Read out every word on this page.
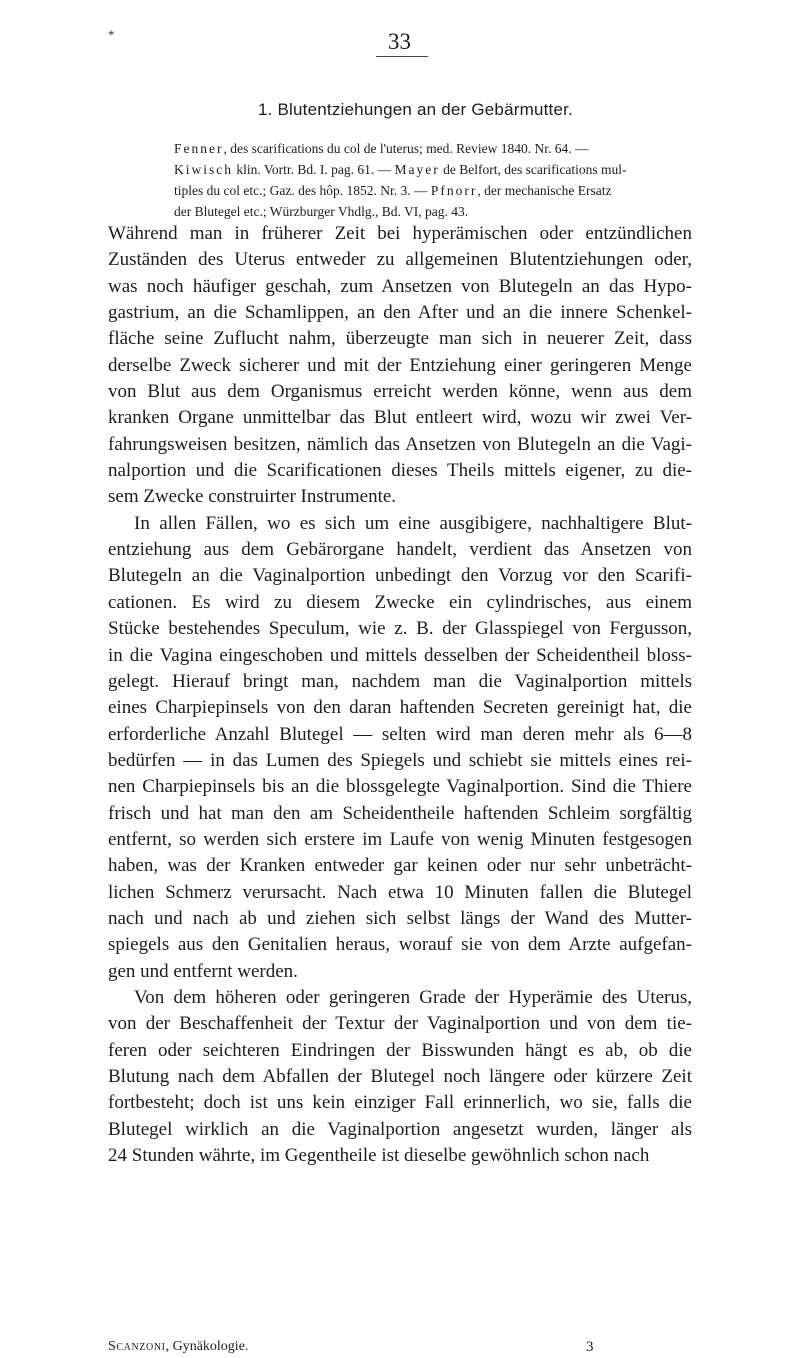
*	33
1. Blutentziehungen an der Gebärmutter.
Fenner, des scarifications du col de l'uterus; med. Review 1840. Nr. 64. —
Kiwisch klin. Vortr. Bd. I. pag. 61. — Mayer de Belfort, des scarifications mul-
tiples du col etc.; Gaz. des hôp. 1852. Nr. 3. — Pfnorr, der mechanische Ersatz
der Blutegel etc.; Würzburger Vhdlg., Bd. VI, pag. 43.
Während man in früherer Zeit bei hyperämischen oder entzündlichen
Zuständen des Uterus entweder zu allgemeinen Blutentziehungen oder,
was noch häufiger geschah, zum Ansetzen von Blutegeln an das Hypo-
gastrium, an die Schamlippen, an den After und an die innere Schenkel-
fläche seine Zuflucht nahm, überzeugte man sich in neuerer Zeit, dass
derselbe Zweck sicherer und mit der Entziehung einer geringeren Menge
von Blut aus dem Organismus erreicht werden könne, wenn aus dem
kranken Organe unmittelbar das Blut entleert wird, wozu wir zwei Ver-
fahrungsweisen besitzen, nämlich das Ansetzen von Blutegeln an die Vagi-
nalportion und die Scarificationen dieses Theils mittels eigener, zu die-
sem Zwecke construirter Instrumente.
In allen Fällen, wo es sich um eine ausgibigere, nachhaltigere Blut-
entziehung aus dem Gebärorgane handelt, verdient das Ansetzen von
Blutegeln an die Vaginalportion unbedingt den Vorzug vor den Scarifi-
cationen. Es wird zu diesem Zwecke ein cylindrisches, aus einem
Stücke bestehendes Speculum, wie z. B. der Glasspiegel von Fergusson,
in die Vagina eingeschoben und mittels desselben der Scheidentheil bloss-
gelegt. Hierauf bringt man, nachdem man die Vaginalportion mittels
eines Charpiepinsels von den daran haftenden Secreten gereinigt hat, die
erforderliche Anzahl Blutegel — selten wird man deren mehr als 6—8
bedürfen — in das Lumen des Spiegels und schiebt sie mittels eines rei-
nen Charpiepinsels bis an die blossgelegte Vaginalportion. Sind die Thiere
frisch und hat man den am Scheidentheile haftenden Schleim sorgfältig
entfernt, so werden sich erstere im Laufe von wenig Minuten festgesogen
haben, was der Kranken entweder gar keinen oder nur sehr unbeträcht-
lichen Schmerz verursacht. Nach etwa 10 Minuten fallen die Blutegel
nach und nach ab und ziehen sich selbst längs der Wand des Mutter-
spiegels aus den Genitalien heraus, worauf sie von dem Arzte aufgefan-
gen und entfernt werden.
Von dem höheren oder geringeren Grade der Hyperämie des Uterus,
von der Beschaffenheit der Textur der Vaginalportion und von dem tie-
feren oder seichteren Eindringen der Bisswunden hängt es ab, ob die
Blutung nach dem Abfallen der Blutegel noch längere oder kürzere Zeit
fortbesteht; doch ist uns kein einziger Fall erinnerlich, wo sie, falls die
Blutegel wirklich an die Vaginalportion angesetzt wurden, länger als
24 Stunden währte, im Gegentheile ist dieselbe gewöhnlich schon nach
Scanzoni, Gynäkologie.	3
